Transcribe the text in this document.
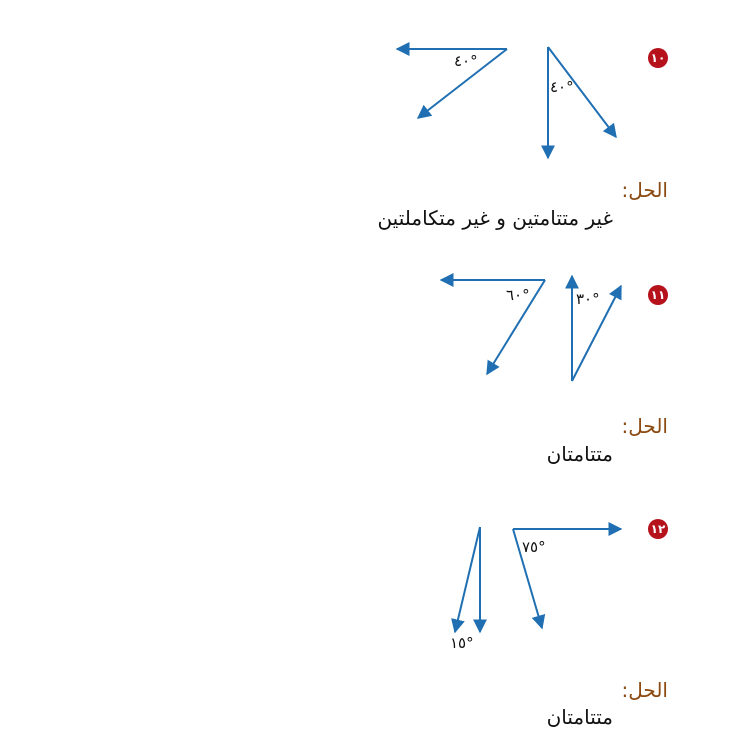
١٠
٤٠°
٤٠°
الحل:
غير متتامتين و غير متكاملتين
١١
٦٠°	٣٠°
الحل:
متتامتان
١٢
٧٥°
١٥°
الحل:
متتامتان
